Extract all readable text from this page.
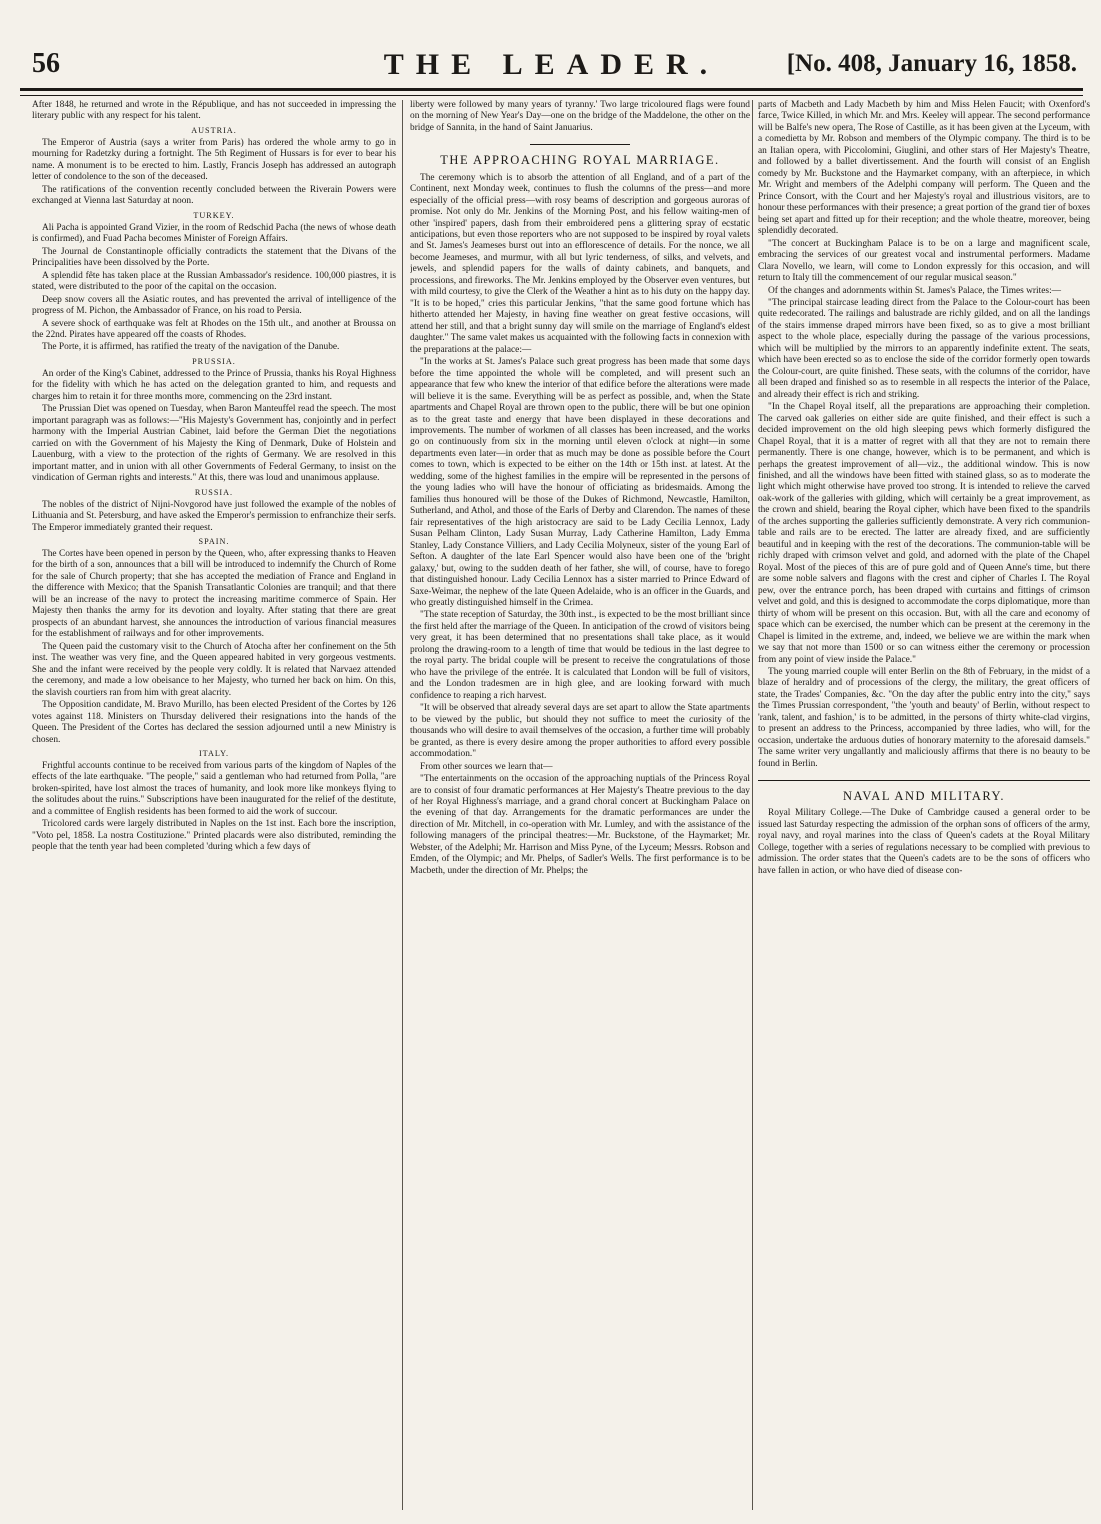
56	THE LEADER.	[No. 408, January 16, 1858.

After 1848, he returned and wrote in the République, and has not succeeded in impressing the literary public with any respect for his talent.

AUSTRIA.

The Emperor of Austria (says a writer from Paris) has ordered the whole army to go in mourning for Radetzky during a fortnight. The 5th Regiment of Hussars is for ever to bear his name. A monument is to be erected to him. Lastly, Francis Joseph has addressed an autograph letter of condolence to the son of the deceased.

The ratifications of the convention recently concluded between the Riverain Powers were exchanged at Vienna last Saturday at noon.

TURKEY.

Ali Pacha is appointed Grand Vizier, in the room of Redschid Pacha (the news of whose death is confirmed), and Fuad Pacha becomes Minister of Foreign Affairs.

The Journal de Constantinople officially contradicts the statement that the Divans of the Principalities have been dissolved by the Porte.

A splendid fête has taken place at the Russian Ambassador's residence. 100,000 piastres, it is stated, were distributed to the poor of the capital on the occasion.

Deep snow covers all the Asiatic routes, and has prevented the arrival of intelligence of the progress of M. Pichon, the Ambassador of France, on his road to Persia.

A severe shock of earthquake was felt at Rhodes on the 15th ult., and another at Broussa on the 22nd. Pirates have appeared off the coasts of Rhodes.

The Porte, it is affirmed, has ratified the treaty of the navigation of the Danube.

PRUSSIA.

An order of the King's Cabinet, addressed to the Prince of Prussia, thanks his Royal Highness for the fidelity with which he has acted on the delegation granted to him, and requests and charges him to retain it for three months more, commencing on the 23rd instant.

The Prussian Diet was opened on Tuesday, when Baron Manteuffel read the speech. The most important paragraph was as follows:—"His Majesty's Government has, conjointly and in perfect harmony with the Imperial Austrian Cabinet, laid before the German Diet the negotiations carried on with the Government of his Majesty the King of Denmark, Duke of Holstein and Lauenburg, with a view to the protection of the rights of Germany. We are resolved in this important matter, and in union with all other Governments of Federal Germany, to insist on the vindication of German rights and interests." At this, there was loud and unanimous applause.

RUSSIA.

The nobles of the district of Nijni-Novgorod have just followed the example of the nobles of Lithuania and St. Petersburg, and have asked the Emperor's permission to enfranchize their serfs. The Emperor immediately granted their request.

SPAIN.

The Cortes have been opened in person by the Queen, who, after expressing thanks to Heaven for the birth of a son, announces that a bill will be introduced to indemnify the Church of Rome for the sale of Church property; that she has accepted the mediation of France and England in the difference with Mexico; that the Spanish Transatlantic Colonies are tranquil; and that there will be an increase of the navy to protect the increasing maritime commerce of Spain. Her Majesty then thanks the army for its devotion and loyalty. After stating that there are great prospects of an abundant harvest, she announces the introduction of various financial measures for the establishment of railways and for other improvements.

The Queen paid the customary visit to the Church of Atocha after her confinement on the 5th inst. The weather was very fine, and the Queen appeared habited in very gorgeous vestments. She and the infant were received by the people very coldly. It is related that Narvaez attended the ceremony, and made a low obeisance to her Majesty, who turned her back on him. On this, the slavish courtiers ran from him with great alacrity.

The Opposition candidate, M. Bravo Murillo, has been elected President of the Cortes by 126 votes against 118. Ministers on Thursday delivered their resignations into the hands of the Queen. The President of the Cortes has declared the session adjourned until a new Ministry is chosen.

ITALY.

Frightful accounts continue to be received from various parts of the kingdom of Naples of the effects of the late earthquake. "The people," said a gentleman who had returned from Polla, "are broken-spirited, have lost almost the traces of humanity, and look more like monkeys flying to the solitudes about the ruins." Subscriptions have been inaugurated for the relief of the destitute, and a committee of English residents has been formed to aid the work of succour.

Tricolored cards were largely distributed in Naples on the 1st inst. Each bore the inscription, "Voto pel, 1858. La nostra Costituzione." Printed placards were also distributed, reminding the people that the tenth year had been completed 'during which a few days of

liberty were followed by many years of tyranny.' Two large tricoloured flags were found on the morning of New Year's Day—one on the bridge of the Maddelone, the other on the bridge of Sannita, in the hand of Saint Januarius.

THE APPROACHING ROYAL MARRIAGE.

The ceremony which is to absorb the attention of all England, and of a part of the Continent, next Monday week, continues to flush the columns of the press—and more especially of the official press—with rosy beams of description and gorgeous auroras of promise. Not only do Mr. Jenkins of the Morning Post, and his fellow waiting-men of other 'inspired' papers, dash from their embroidered pens a glittering spray of ecstatic anticipations, but even those reporters who are not supposed to be inspired by royal valets and St. James's Jeameses burst out into an efflorescence of details. For the nonce, we all become Jeameses, and murmur, with all but lyric tenderness, of silks, and velvets, and jewels, and splendid papers for the walls of dainty cabinets, and banquets, and processions, and fireworks. The Mr. Jenkins employed by the Observer even ventures, but with mild courtesy, to give the Clerk of the Weather a hint as to his duty on the happy day. "It is to be hoped," cries this particular Jenkins, "that the same good fortune which has hitherto attended her Majesty, in having fine weather on great festive occasions, will attend her still, and that a bright sunny day will smile on the marriage of England's eldest daughter." The same valet makes us acquainted with the following facts in connexion with the preparations at the palace:—

"In the works at St. James's Palace such great progress has been made that some days before the time appointed the whole will be completed, and will present such an appearance that few who knew the interior of that edifice before the alterations were made will believe it is the same. Everything will be as perfect as possible, and, when the State apartments and Chapel Royal are thrown open to the public, there will be but one opinion as to the great taste and energy that have been displayed in these decorations and improvements. The number of workmen of all classes has been increased, and the works go on continuously from six in the morning until eleven o'clock at night—in some departments even later—in order that as much may be done as possible before the Court comes to town, which is expected to be either on the 14th or 15th inst. at latest. At the wedding, some of the highest families in the empire will be represented in the persons of the young ladies who will have the honour of officiating as bridesmaids. Among the families thus honoured will be those of the Dukes of Richmond, Newcastle, Hamilton, Sutherland, and Athol, and those of the Earls of Derby and Clarendon. The names of these fair representatives of the high aristocracy are said to be Lady Cecilia Lennox, Lady Susan Pelham Clinton, Lady Susan Murray, Lady Catherine Hamilton, Lady Emma Stanley, Lady Constance Villiers, and Lady Cecilia Molyneux, sister of the young Earl of Sefton. A daughter of the late Earl Spencer would also have been one of the 'bright galaxy,' but, owing to the sudden death of her father, she will, of course, have to forego that distinguished honour. Lady Cecilia Lennox has a sister married to Prince Edward of Saxe-Weimar, the nephew of the late Queen Adelaide, who is an officer in the Guards, and who greatly distinguished himself in the Crimea.

"The state reception of Saturday, the 30th inst., is expected to be the most brilliant since the first held after the marriage of the Queen. In anticipation of the crowd of visitors being very great, it has been determined that no presentations shall take place, as it would prolong the drawing-room to a length of time that would be tedious in the last degree to the royal party. The bridal couple will be present to receive the congratulations of those who have the privilege of the entrée. It is calculated that London will be full of visitors, and the London tradesmen are in high glee, and are looking forward with much confidence to reaping a rich harvest.

"It will be observed that already several days are set apart to allow the State apartments to be viewed by the public, but should they not suffice to meet the curiosity of the thousands who will desire to avail themselves of the occasion, a further time will probably be granted, as there is every desire among the proper authorities to afford every possible accommodation."

From other sources we learn that—

"The entertainments on the occasion of the approaching nuptials of the Princess Royal are to consist of four dramatic performances at Her Majesty's Theatre previous to the day of her Royal Highness's marriage, and a grand choral concert at Buckingham Palace on the evening of that day. Arrangements for the dramatic performances are under the direction of Mr. Mitchell, in co-operation with Mr. Lumley, and with the assistance of the following managers of the principal theatres:—Mr. Buckstone, of the Haymarket; Mr. Webster, of the Adelphi; Mr. Harrison and Miss Pyne, of the Lyceum; Messrs. Robson and Emden, of the Olympic; and Mr. Phelps, of Sadler's Wells. The first performance is to be Macbeth, under the direction of Mr. Phelps; the

parts of Macbeth and Lady Macbeth by him and Miss Helen Faucit; with Oxenford's farce, Twice Killed, in which Mr. and Mrs. Keeley will appear. The second performance will be Balfe's new opera, The Rose of Castille, as it has been given at the Lyceum, with a comedietta by Mr. Robson and members of the Olympic company. The third is to be an Italian opera, with Piccolomini, Giuglini, and other stars of Her Majesty's Theatre, and followed by a ballet divertissement. And the fourth will consist of an English comedy by Mr. Buckstone and the Haymarket company, with an afterpiece, in which Mr. Wright and members of the Adelphi company will perform. The Queen and the Prince Consort, with the Court and her Majesty's royal and illustrious visitors, are to honour these performances with their presence; a great portion of the grand tier of boxes being set apart and fitted up for their reception; and the whole theatre, moreover, being splendidly decorated.

"The concert at Buckingham Palace is to be on a large and magnificent scale, embracing the services of our greatest vocal and instrumental performers. Madame Clara Novello, we learn, will come to London expressly for this occasion, and will return to Italy till the commencement of our regular musical season."

Of the changes and adornments within St. James's Palace, the Times writes:—

"The principal staircase leading direct from the Palace to the Colour-court has been quite redecorated. The railings and balustrade are richly gilded, and on all the landings of the stairs immense draped mirrors have been fixed, so as to give a most brilliant aspect to the whole place, especially during the passage of the various processions, which will be multiplied by the mirrors to an apparently indefinite extent. The seats, which have been erected so as to enclose the side of the corridor formerly open towards the Colour-court, are quite finished. These seats, with the columns of the corridor, have all been draped and finished so as to resemble in all respects the interior of the Palace, and already their effect is rich and striking.

"In the Chapel Royal itself, all the preparations are approaching their completion. The carved oak galleries on either side are quite finished, and their effect is such a decided improvement on the old high sleeping pews which formerly disfigured the Chapel Royal, that it is a matter of regret with all that they are not to remain there permanently. There is one change, however, which is to be permanent, and which is perhaps the greatest improvement of all—viz., the additional window. This is now finished, and all the windows have been fitted with stained glass, so as to moderate the light which might otherwise have proved too strong. It is intended to relieve the carved oak-work of the galleries with gilding, which will certainly be a great improvement, as the crown and shield, bearing the Royal cipher, which have been fixed to the spandrils of the arches supporting the galleries sufficiently demonstrate. A very rich communion-table and rails are to be erected. The latter are already fixed, and are sufficiently beautiful and in keeping with the rest of the decorations. The communion-table will be richly draped with crimson velvet and gold, and adorned with the plate of the Chapel Royal. Most of the pieces of this are of pure gold and of Queen Anne's time, but there are some noble salvers and flagons with the crest and cipher of Charles I. The Royal pew, over the entrance porch, has been draped with curtains and fittings of crimson velvet and gold, and this is designed to accommodate the corps diplomatique, more than thirty of whom will be present on this occasion. But, with all the care and economy of space which can be exercised, the number which can be present at the ceremony in the Chapel is limited in the extreme, and, indeed, we believe we are within the mark when we say that not more than 1500 or so can witness either the ceremony or procession from any point of view inside the Palace."

The young married couple will enter Berlin on the 8th of February, in the midst of a blaze of heraldry and of processions of the clergy, the military, the great officers of state, the Trades' Companies, &c. "On the day after the public entry into the city," says the Times Prussian correspondent, "the 'youth and beauty' of Berlin, without respect to 'rank, talent, and fashion,' is to be admitted, in the persons of thirty white-clad virgins, to present an address to the Princess, accompanied by three ladies, who will, for the occasion, undertake the arduous duties of honorary maternity to the aforesaid damsels." The same writer very ungallantly and maliciously affirms that there is no beauty to be found in Berlin.

NAVAL AND MILITARY.

Royal Military College.—The Duke of Cambridge caused a general order to be issued last Saturday respecting the admission of the orphan sons of officers of the army, royal navy, and royal marines into the class of Queen's cadets at the Royal Military College, together with a series of regulations necessary to be complied with previous to admission. The order states that the Queen's cadets are to be the sons of officers who have fallen in action, or who have died of disease con-
